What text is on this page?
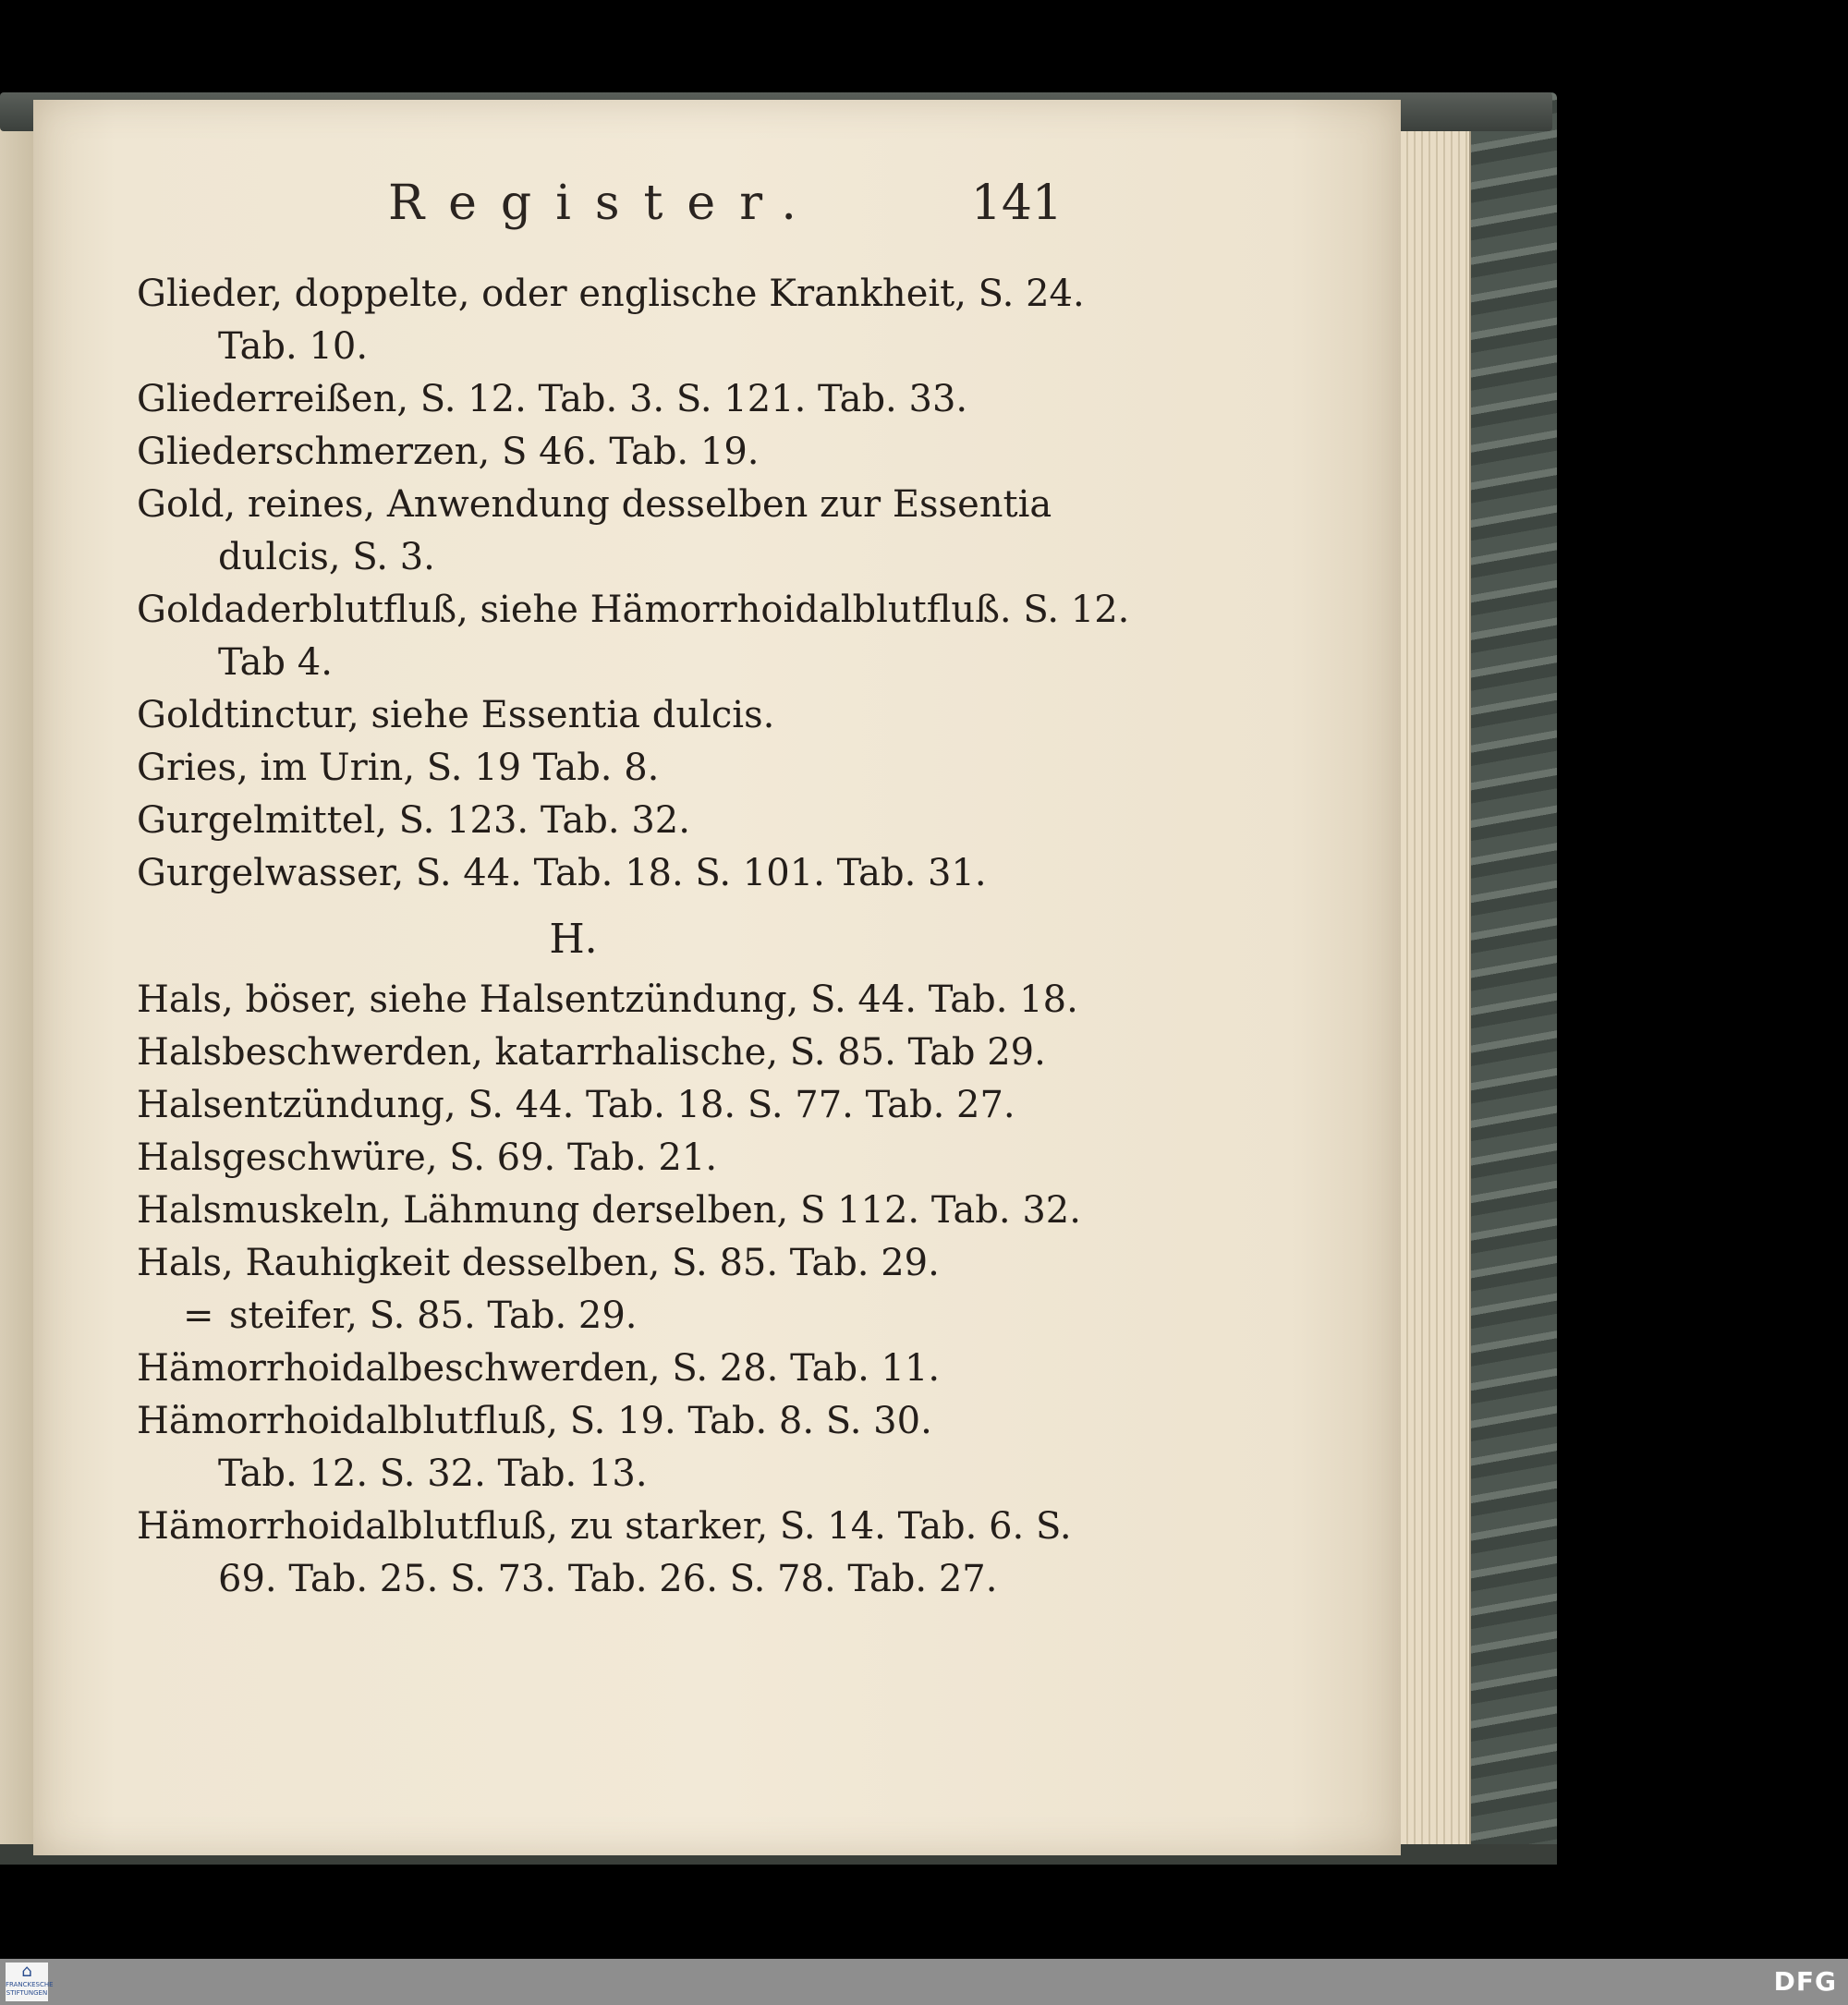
Register.	141
Glieder, doppelte, oder englische Krankheit, S. 24.
Tab. 10.
Gliederreißen, S. 12. Tab. 3. S. 121. Tab. 33.
Gliederschmerzen, S 46. Tab. 19.
Gold, reines, Anwendung desselben zur Essentia
dulcis, S. 3.
Goldaderblutfluß, siehe Hämorrhoidalblutfluß. S. 12.
Tab 4.
Goldtinctur, siehe Essentia dulcis.
Gries, im Urin, S. 19 Tab. 8.
Gurgelmittel, S. 123. Tab. 32.
Gurgelwasser, S. 44. Tab. 18. S. 101. Tab. 31.
H.
Hals, böser, siehe Halsentzündung, S. 44. Tab. 18.
Halsbeschwerden, katarrhalische, S. 85. Tab 29.
Halsentzündung, S. 44. Tab. 18. S. 77. Tab. 27.
Halsgeschwüre, S. 69. Tab. 21.
Halsmuskeln, Lähmung derselben, S 112. Tab. 32.
Hals, Rauhigkeit desselben, S. 85. Tab. 29.
= steifer, S. 85. Tab. 29.
Hämorrhoidalbeschwerden, S. 28. Tab. 11.
Hämorrhoidalblutfluß, S. 19. Tab. 8. S. 30.
Tab. 12. S. 32. Tab. 13.
Hämorrhoidalblutfluß, zu starker, S. 14. Tab. 6. S.
69. Tab. 25. S. 73. Tab. 26. S. 78. Tab. 27.
⌂
FRANCKESCHE STIFTUNGEN	DFG
